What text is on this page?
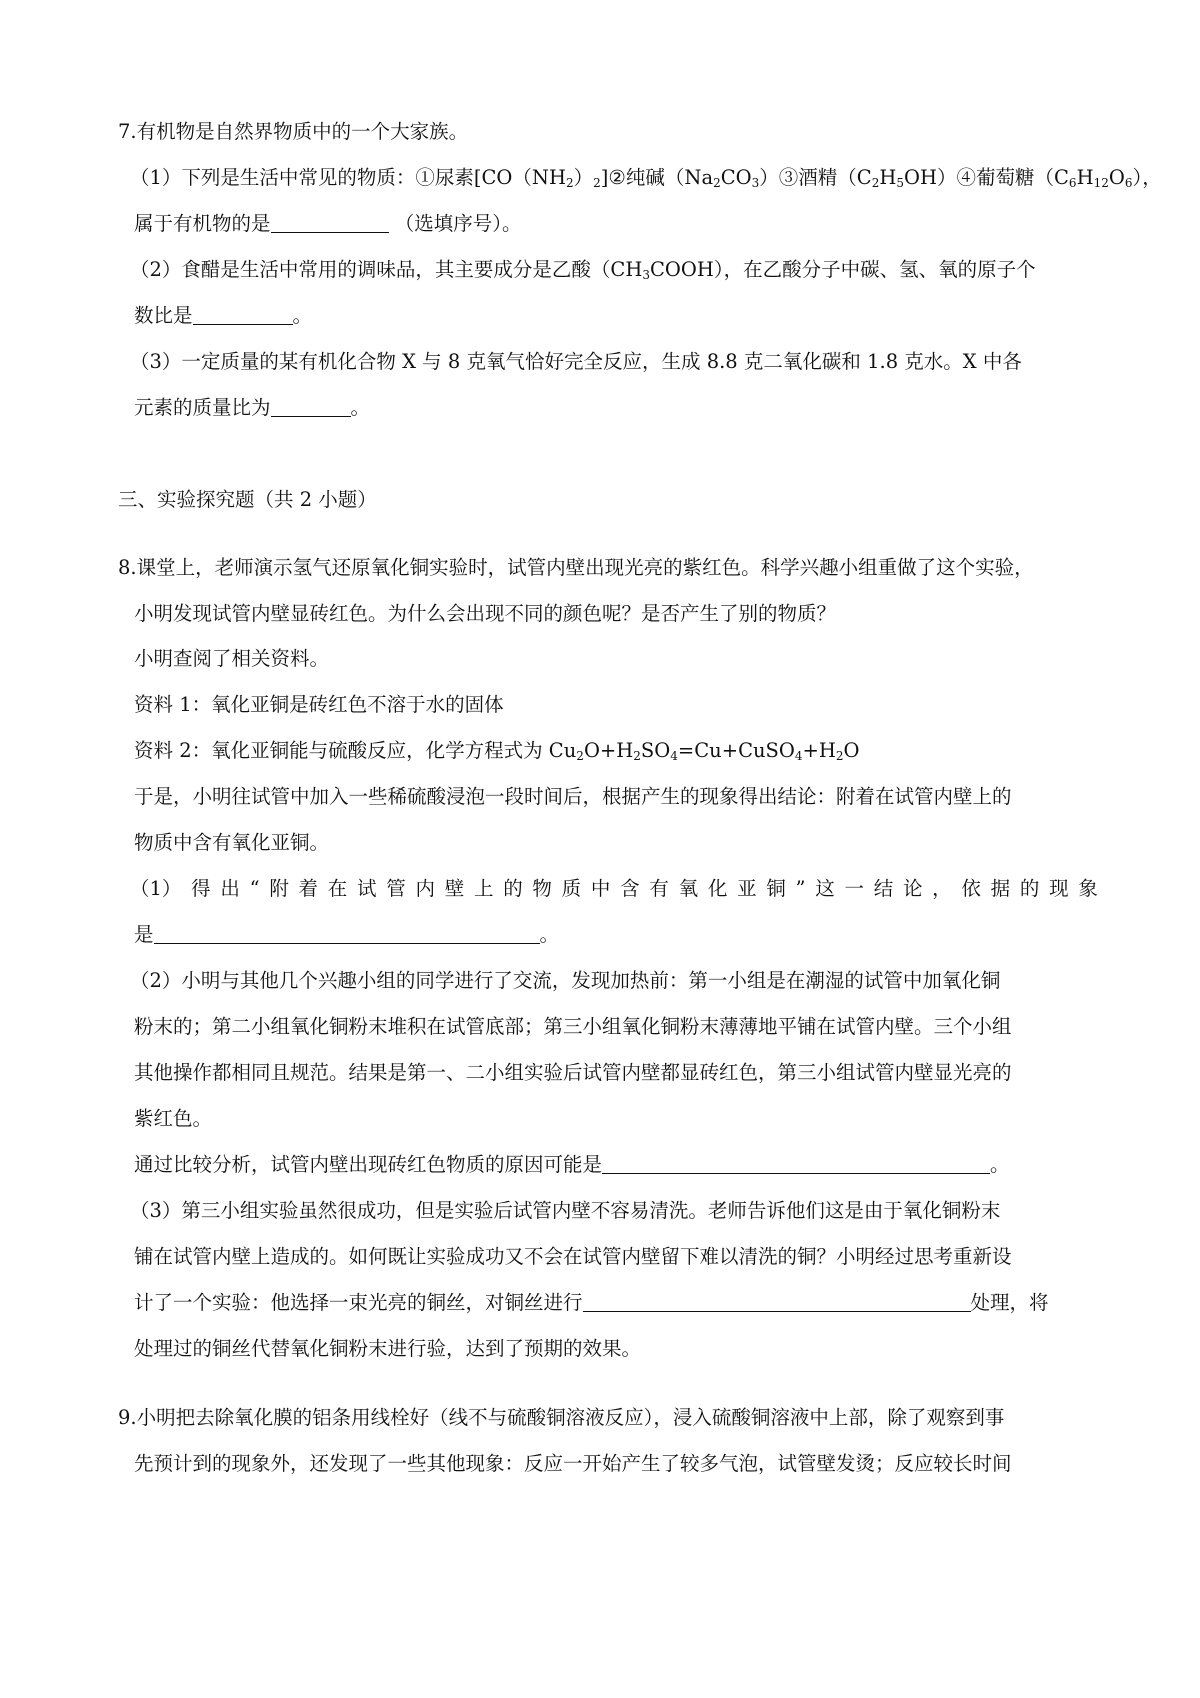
7.有机物是自然界物质中的一个大家族。
（1）下列是生活中常见的物质：①尿素$[CO(NH_2)_2]②$纯碱$(Na_2CO_3)③$酒精$(C_2H_5OH)④$葡萄糖$(C_6H_{12}O_6)$，
属于有机物的是	（选填序号）。
（2）食醋是生活中常用的调味品，其主要成分是乙酸$(CH_3COOH)$，在乙酸分子中碳、氢、氧的原子个
数比是	。
（3）一定质量的某有机化合物 X 与 8 克氧气恰好完全反应，生成 8.8 克二氧化碳和 1.8 克水。X 中各
元素的质量比为	。
三、实验探究题（共 2 小题）
8.课堂上，老师演示氢气还原氧化铜实验时，试管内壁出现光亮的紫红色。科学兴趣小组重做了这个实验，
小明发现试管内壁显砖红色。为什么会出现不同的颜色呢？是否产生了别的物质？
小明查阅了相关资料。
资料 1：氧化亚铜是砖红色不溶于水的固体
资料 2：氧化亚铜能与硫酸反应，化学方程式为 $Cu_2O+H_2SO_4=Cu+CuSO_4+H_2O$
于是，小明往试管中加入一些稀硫酸浸泡一段时间后，根据产生的现象得出结论：附着在试管内壁上的
物质中含有氧化亚铜。
（1） 得 出 “ 附 着 在 试 管 内 壁 上 的 物 质 中 含 有 氧 化 亚 铜 ” 这 一 结 论 ， 依 据 的 现 象
是	。
（2）小明与其他几个兴趣小组的同学进行了交流，发现加热前：第一小组是在潮湿的试管中加氧化铜
粉末的；第二小组氧化铜粉末堆积在试管底部；第三小组氧化铜粉末薄薄地平铺在试管内壁。三个小组
其他操作都相同且规范。结果是第一、二小组实验后试管内壁都显砖红色，第三小组试管内壁显光亮的
紫红色。
通过比较分析，试管内壁出现砖红色物质的原因可能是	。
（3）第三小组实验虽然很成功，但是实验后试管内壁不容易清洗。老师告诉他们这是由于氧化铜粉末
铺在试管内壁上造成的。如何既让实验成功又不会在试管内壁留下难以清洗的铜？小明经过思考重新设
计了一个实验：他选择一束光亮的铜丝，对铜丝进行	处理，将
处理过的铜丝代替氧化铜粉末进行验，达到了预期的效果。
9.小明把去除氧化膜的铝条用线栓好（线不与硫酸铜溶液反应），浸入硫酸铜溶液中上部，除了观察到事
先预计到的现象外，还发现了一些其他现象：反应一开始产生了较多气泡，试管壁发烫；反应较长时间
